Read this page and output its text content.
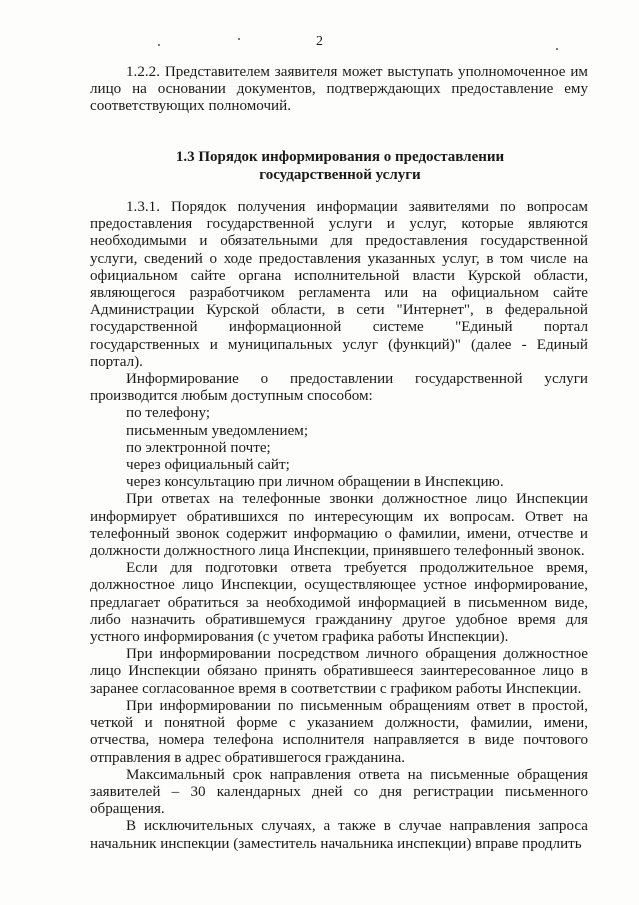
2

1.2.2. Представителем заявителя может выступать уполномоченное им лицо на основании документов, подтверждающих предоставление ему соответствующих полномочий.

1.3 Порядок информирования о предоставлении
государственной услуги

1.3.1. Порядок получения информации заявителями по вопросам предоставления государственной услуги и услуг, которые являются необходимыми и обязательными для предоставления государственной услуги, сведений о ходе предоставления указанных услуг, в том числе на официальном сайте органа исполнительной власти Курской области, являющегося разработчиком регламента или на официальном сайте Администрации Курской области, в сети "Интернет", в федеральной государственной информационной системе "Единый портал государственных и муниципальных услуг (функций)" (далее - Единый портал).

Информирование о предоставлении государственной услуги производится любым доступным способом:

по телефону;
письменным уведомлением;
по электронной почте;
через официальный сайт;
через консультацию при личном обращении в Инспекцию.

При ответах на телефонные звонки должностное лицо Инспекции информирует обратившихся по интересующим их вопросам. Ответ на телефонный звонок содержит информацию о фамилии, имени, отчестве и должности должностного лица Инспекции, принявшего телефонный звонок.

Если для подготовки ответа требуется продолжительное время, должностное лицо Инспекции, осуществляющее устное информирование, предлагает обратиться за необходимой информацией в письменном виде, либо назначить обратившемуся гражданину другое удобное время для устного информирования (с учетом графика работы Инспекции).

При информировании посредством личного обращения должностное лицо Инспекции обязано принять обратившееся заинтересованное лицо в заранее согласованное время в соответствии с графиком работы Инспекции.

При информировании по письменным обращениям ответ в простой, четкой и понятной форме с указанием должности, фамилии, имени, отчества, номера телефона исполнителя направляется в виде почтового отправления в адрес обратившегося гражданина.

Максимальный срок направления ответа на письменные обращения заявителей – 30 календарных дней со дня регистрации письменного обращения.

В исключительных случаях, а также в случае направления запроса начальник инспекции (заместитель начальника инспекции) вправе продлить
